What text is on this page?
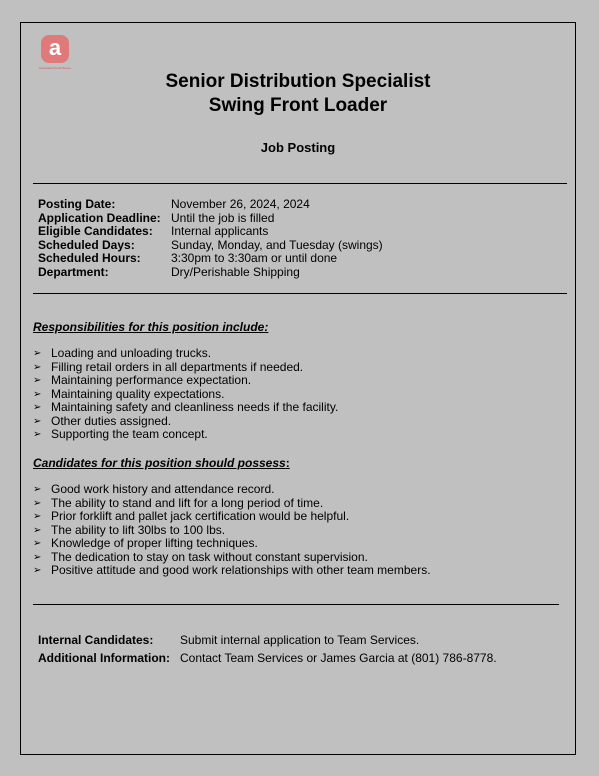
a
Associated Food Stores
Senior Distribution Specialist
Swing Front Loader
Job Posting
Posting Date:	November 26, 2024, 2024
Application Deadline: Until the job is filled
Eligible Candidates:	Internal applicants
Scheduled Days:	Sunday, Monday, and Tuesday (swings)
Scheduled Hours:	3:30pm to 3:30am or until done
Department:	Dry/Perishable Shipping
Responsibilities for this position include:
➢ Loading and unloading trucks.
➢ Filling retail orders in all departments if needed.
➢ Maintaining performance expectation.
➢ Maintaining quality expectations.
➢ Maintaining safety and cleanliness needs if the facility.
➢ Other duties assigned.
➢ Supporting the team concept.
Candidates for this position should possess:
➢ Good work history and attendance record.
➢ The ability to stand and lift for a long period of time.
➢ Prior forklift and pallet jack certification would be helpful.
➢ The ability to lift 30lbs to 100 lbs.
➢ Knowledge of proper lifting techniques.
➢ The dedication to stay on task without constant supervision.
➢ Positive attitude and good work relationships with other team members.
Internal Candidates:	Submit internal application to Team Services.
Additional Information: Contact Team Services or James Garcia at (801) 786-8778.
